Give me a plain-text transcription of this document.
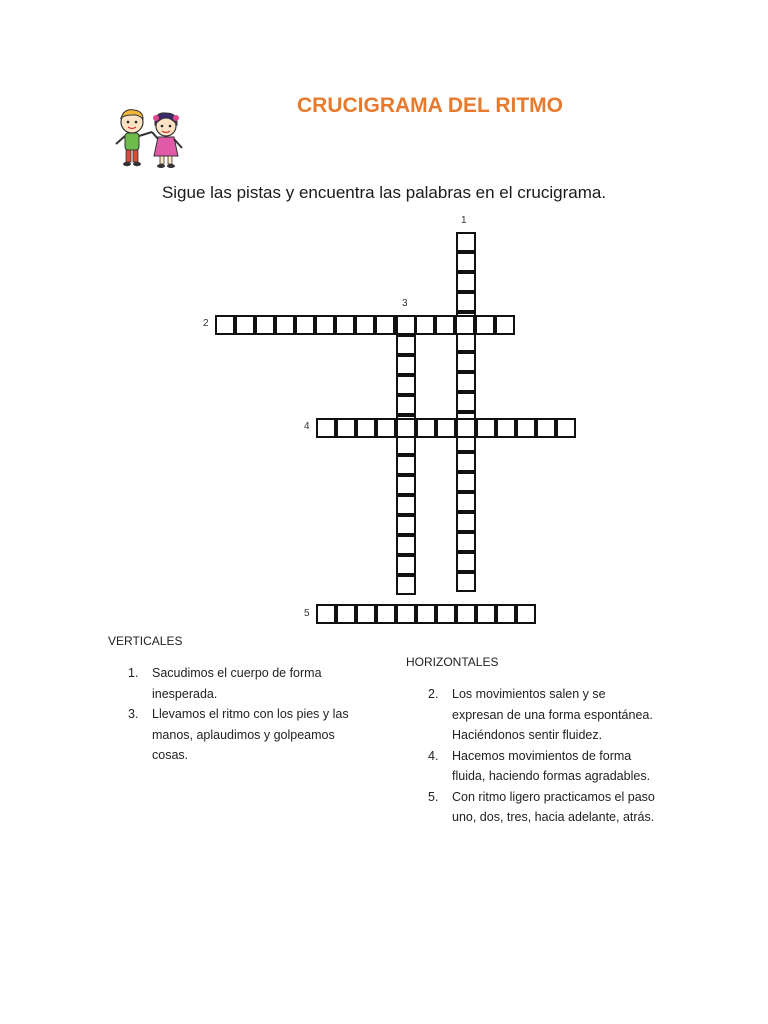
CRUCIGRAMA DEL RITMO
Sigue las pistas y encuentra las palabras en el crucigrama.
1
2
3
4
5
VERTICALES
1. Sacudimos el cuerpo de forma inesperada.
3. Llevamos el ritmo con los pies y las manos, aplaudimos y golpeamos cosas.
HORIZONTALES
2. Los movimientos salen y se expresan de una forma espontánea. Haciéndonos sentir fluidez.
4. Hacemos movimientos de forma fluida, haciendo formas agradables.
5. Con ritmo ligero practicamos el paso uno, dos, tres, hacia adelante, atrás.
